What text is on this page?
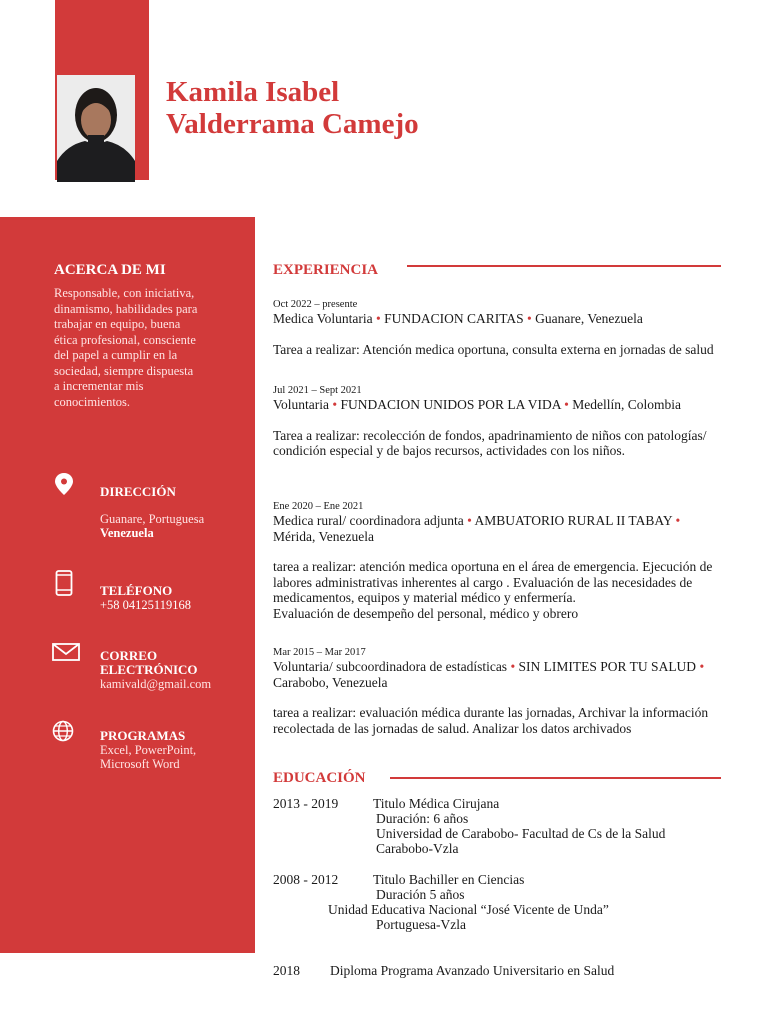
Kamila Isabel
Valderrama Camejo
ACERCA DE MI
Responsable, con iniciativa, dinamismo, habilidades para trabajar en equipo, buena ética profesional, consciente del papel a cumplir en la sociedad, siempre dispuesta a incrementar mis conocimientos.
DIRECCIÓN
Guanare, Portuguesa
Venezuela
TELÉFONO
+58 04125119168
CORREO
ELECTRÓNICO
kamivald@gmail.com
PROGRAMAS
Excel, PowerPoint,
Microsoft Word
EXPERIENCIA
Oct 2022 – presente
Medica Voluntaria • FUNDACION CARITAS • Guanare, Venezuela
Tarea a realizar: Atención medica oportuna, consulta externa en jornadas de salud
Jul 2021 – Sept 2021
Voluntaria • FUNDACION UNIDOS POR LA VIDA • Medellín, Colombia
Tarea a realizar: recolección de fondos, apadrinamiento de niños con patologías/ condición especial y de bajos recursos, actividades con los niños.
Ene 2020 – Ene 2021
Medica rural/ coordinadora adjunta • AMBUATORIO RURAL II TABAY • Mérida, Venezuela
tarea a realizar: atención medica oportuna en el área de emergencia. Ejecución de labores administrativas inherentes al cargo . Evaluación de las necesidades de medicamentos, equipos y material médico y enfermería.
Evaluación de desempeño del personal, médico y obrero
Mar 2015 – Mar 2017
Voluntaria/ subcoordinadora de estadísticas • SIN LIMITES POR TU SALUD • Carabobo, Venezuela
tarea a realizar: evaluación médica durante las jornadas, Archivar la información recolectada de las jornadas de salud. Analizar los datos archivados
EDUCACIÓN
2013 - 2019	Titulo Médica Cirujana
Duración: 6 años
Universidad de Carabobo- Facultad de Cs de la Salud
Carabobo-Vzla
2008 - 2012	Titulo Bachiller en Ciencias
Duración 5 años
Unidad Educativa Nacional “José Vicente de Unda”
Portuguesa-Vzla
2018 Diploma Programa Avanzado Universitario en Salud
